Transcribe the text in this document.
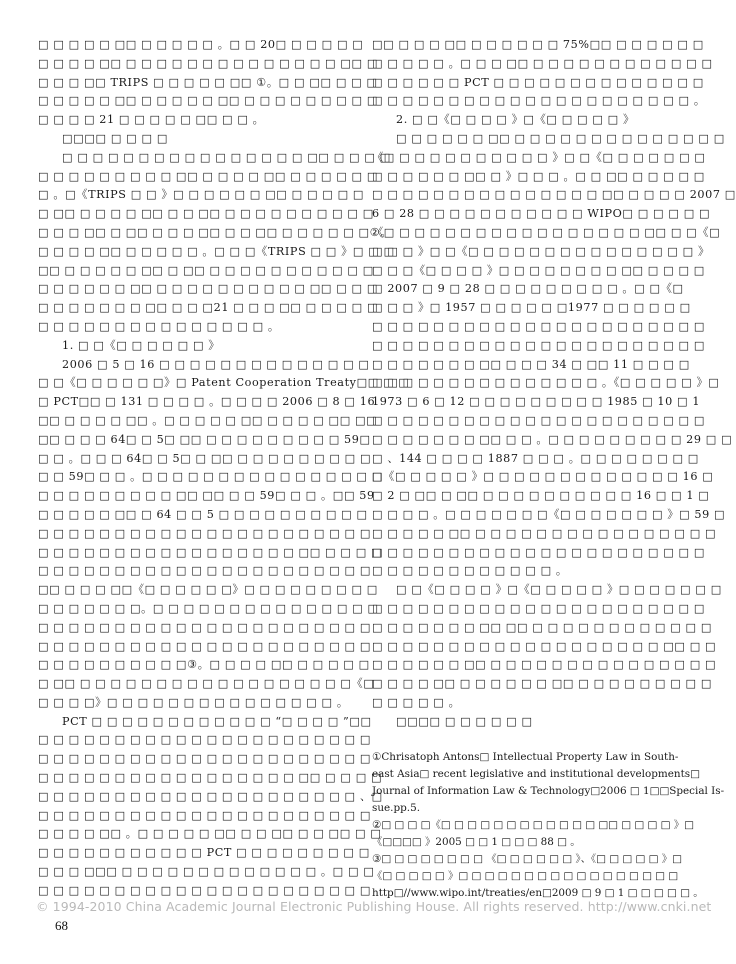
□ □ □ □ □ □□ □ □ □ □ □ 。□ □ 20□ □ □ □ □ □
□ □ □ □ □□ □ □ □ □ □ □ □ □ □ □ □ □ □ □ □□ □
□ □ □ □□ TRIPS □ □ □ □ □ □□ ①。□ □ □□ □ □ □
□ □ □ □ □ □□ □ □ □ □ □ □□ □ □ □ □ □ □ □ □ □
□ □ □ □ 21 □ □ □ □ □ □□ □ □ 。
□□□□ □ □ □ □
□ □ □ □ □ □ □ □ □ □ □ □ □ □ □ □ □□ □ □ □ □
□ □ □ □ □ □ □ □ □ □□ □ □ □ □ □□ □ □ □ □ □ □
□ 。□《TRIPS □ □ 》□ □ □ □ □ □ □□ □ □ □ □ □
□ □□ □ □ □ □ □□ □ □ □□ □ □ □ □ □ □ □ □ □ □
□ □ □ □□ □ □□ □ □ □ □□ □ □ □□ □ □ □ □ □ □②。
□ □ □ □ □□ □ □ □ □ □ 。□ □ □《TRIPS □ □ 》□ □ □
□□ □ □ □ □ □ □□ □ □□ □ □ □ □ □ □ □ □ □ □ □
□ □ □ □ □ □ □□ □ □ □ □ □ □ □ □ □ □ □□ □ □ □
□ □ □ □ □ □ □ □□ □ □ □21 □ □ □ □□ □ □ □ □ □
□ □ □ □ □ □ □ □ □ □ □ □ □ □ □ 。
1. □ □《□ □ □ □ □ □ 》
2006 □ 5 □ 16 □ □ □ □ □ □ □ □ □ □ □ □ □ □
□ □《□ □ □ □ □ □》□ Patent Cooperation Treaty□□ □ □
□ PCT□□ □ 131 □ □ □ □ 。□ □ □ □ 2006 □ 8 □ 16
□□ □ □ □ □ □□ 。□ □ □ □ □ □□ □ □ □ □ □□ □□
□□ □ □ □ 64□ □ 5□ □□ □ □ □ □ □ □ □ □ □ 59□
□ □ 。□ □ □ 64□ □ 5□ □ □□ □ □ □ □ □ □ □ □ □
□ □ 59□ □ □ 。□ □ □ □ □ □ □ □ □ □ □ □ □ □ □ □
□ □ □ □ □ □ □ □ □ □□ □□ □ □ 59□ □ □ 。□□ 59
□ □ □ □ □ □□ □ 64 □ □ 5 □ □ □ □ □ □ □ □ □ □
□ □ □ □ □ □ □ □ □ □ □ □ □ □ □ □ □ □ □ □ □ □
□ □ □ □ □ □ □ □ □ □ □ □ □ □ □ □ □ □□ □ □ □ □
□ □ □ □ □ □ □ □ □ □ □ □ □ □ □ □ □ □ □ □ □ □
□□ □ □ □ □□《□ □ □ □ □ □》□ □ □ □ □ □ □ □ □
□ □ □ □ □ □ □。□ □ □ □ □ □ □ □ □ □ □ □ □ □ □
□ □ □ □ □ □ □ □ □ □ □ □ □ □ □ □ □ □ □ □ □ □
□ □ □ □ □ □ □ □ □ □ □ □ □ □ □ □ □ □ □ □ □ □
□ □ □ □ □ □ □ □ □ □③。□ □ □ □ □□ □ □ □ □ □
□ □□ □ □ □ □ □ □ □ □ □ □ □ □ □ □ □ □ □ □《□
□ □ □ □》□ □ □ □ □ □ □ □ □ □ □ □ □ □ □ 。
PCT □ □ □ □ □ □ □ □ □ □ □ □ “□ □ □ □ ”□□
□ □ □ □ □ □ □ □ □ □ □ □ □ □ □ □ □ □ □ □ □ □
□ □ □ □ □ □ □ □ □ □ □ □ □ □ □ □ □ □ □ □ □ □
□ □ □ □ □ □ □ □ □ □ □ □ □ □ □ □ □ □□ □ □ □ □
□ □ □ □ □ □ □ □ □ □ □ □ □ □ □ □ □ □ □ □ □ 、□
□ □ □ □ □ □ □ □ □ □ □ □ □ □ □ □ □ □ □ □ □ □
□ □ □ □ □□ 。□ □ □ □ □ □□ □ □ □□ □ □ □□ □ □
□ □ □ □ □ □ □ □ □ □ □ PCT □ □ □ □ □ □ □ □ □
□ □ □ □□□ □ □ □ □ □ □ □ □ □ □ □ □ □ 。□ □ □
□ □ □ □ □ □ □ □ □ □ □ □ □ □ □ □ □ □ □ □ □ □
□□ □ □ □ □□ □ □ □ □ □ □ 75%□□ □ □ □ □ □ □
□ □ □ □ □ 。□ □ □ □□ □ □ □ □ □ □ □ □ □ □ □ □
□ □ □ □ □ □ PCT □ □ □ □ □ □ □ □ □ □ □ □ □ □
□ □ □ □ □ □ □ □ □ □ □ □ □ □ □ □ □ □ □ □ □ 。
2. □ □《□ □ □ □ 》□《□ □ □ □ □ 》
□ □ □ □ □ □ □□ □ □ □ □ □ □ □ □ □ □ □ □ □ □
《□ □ □ □ □ □ □ □ □ □ □ 》□ □《□ □ □ □ □ □ □
□ □ □ □ □ □ □□ □ 》□ □ □ 。□ □ □□ □ □ □ □ □
□ □ □ □ □ □ □ □ □ □ □ □ □ □ □ □□ □ □ □ □ 2007 □
6 □ 28 □ □ □ □ □ □ □ □ □ □ □ WIPO□ □ □ □ □ □
《□ □ □ □ □ □ □ □ □ □ □ □ □ □ □ □ □ □□ □ □《□
□ □ □ 》□ □《□ □ □ □ □ □ □ □ □ □ □ □ □ □ □ 》
□ □ □《□ □ □ □ 》□ □ □ □ □ □ □ □ □□ □ □ □ □
□ 2007 □ 9 □ 28 □ □ □ □ □ □ □ □ □ 。□ □《□
□ □ □ 》□ 1957 □ □ □ □ □ □1977 □ □ □ □ □ □
□ □ □ □ □ □ □ □ □ □ □ □ □ □ □ □ □ □ □ □ □ □
□ □ □ □ □ □ □ □ □ □ □ □ □ □ □ □ □ □ □ □ □ □
□ □ □ □ □ □ □ □□ □ □ □ 34 □ □□ 11 □ □ □ □
□ □ □ □ □ □ □ □ □ □ □ □ □ □ □ 。《□ □ □ □ □ 》□
1973 □ 6 □ 12 □ □ □ □ □ □ □ □ □ 1985 □ 10 □ 1
□ □ □ □ □ □ □ □ □ □ □ □ □ □ □ □ □ □ □ □ □ □
□ □ □ □ □ □ □ □□ □ □ 。□ □ □ □ □ □ □ □ □ 29 □ □
□ 、144 □ □ □ □ 1887 □ □ □ 。□ □ □ □ □ □ □ □
□《□ □ □ □ □ 》□ □ □ □ □ □ □ □ □ □ □ □ □ 16 □
□ 2 □ □□ □ □□ □ □ □ □ □ □ □ □ □ □ 16 □ □ 1 □
□ □ □ □ 。□ □ □ □ □ □ □《□ □ □ □ □ □ □ 》□ 59 □
□ □ □ □ □ □□ □ □ □ □ □ □ □ □ □ □ □ □ □ □ □ □
□ □ □ □ □ □ □ □ □ □ □ □ □ □ □ □ □ □ □ □ □ □
□ □ □ □ □ □ □ □ □ □ □ □ 。
□ □《□ □ □ □ 》□《□ □ □ □ □ 》□ □ □ □ □ □ □
□ □ □ □ □ □ □ □ □ □ □ □ □ □ □ □ □ □ □ □ □ □
□ □ □ □ □ □ □ □□ □□ □ □ □ □ □ □ □ □ □ □ □ □
□ □ □ □ □ □ □ □ □ □ □ □ □ □ □ □ □ □ □ □□ □ □
□ □ □ □ □ □ □□ □ □ □ □ □ □ □ □ □ □ □ □ □ □ □
□ □ □ □ □□ □ □ □ □ □ □ □□ □ □ □ □ □ □ □ □ □
□ □ □ □ □ 。
□□□□ □ □ □ □ □ □
①Chrisatoph Antons□ Intellectual Property Law in South-
east Asia□ recent legislative and institutional developments□
Journal of Information Law & Technology□2006 □ 1□□Special Is-
sue.pp.5.
②□ □ □ □《□ □ □ □ □ □ □ □ □ □ □ □ □□ □ □ □ □ 》□
《□□□□ 》2005 □ □ 1 □ □ □ 88 □ 。
③□ □ □ □ □ □ □ □ 《□ □ □ □ □ □ 》、《□ □ □ □ □ 》□
《□ □ □ □ □ 》□ □ □ □ □ □ □ □ □ □ □ □ □ □ □ □ □
http□//www.wipo.int/treaties/en□2009 □ 9 □ 1 □ □ □ □ □ 。
© 1994-2010 China Academic Journal Electronic Publishing House. All rights reserved. http://www.cnki.net
68
